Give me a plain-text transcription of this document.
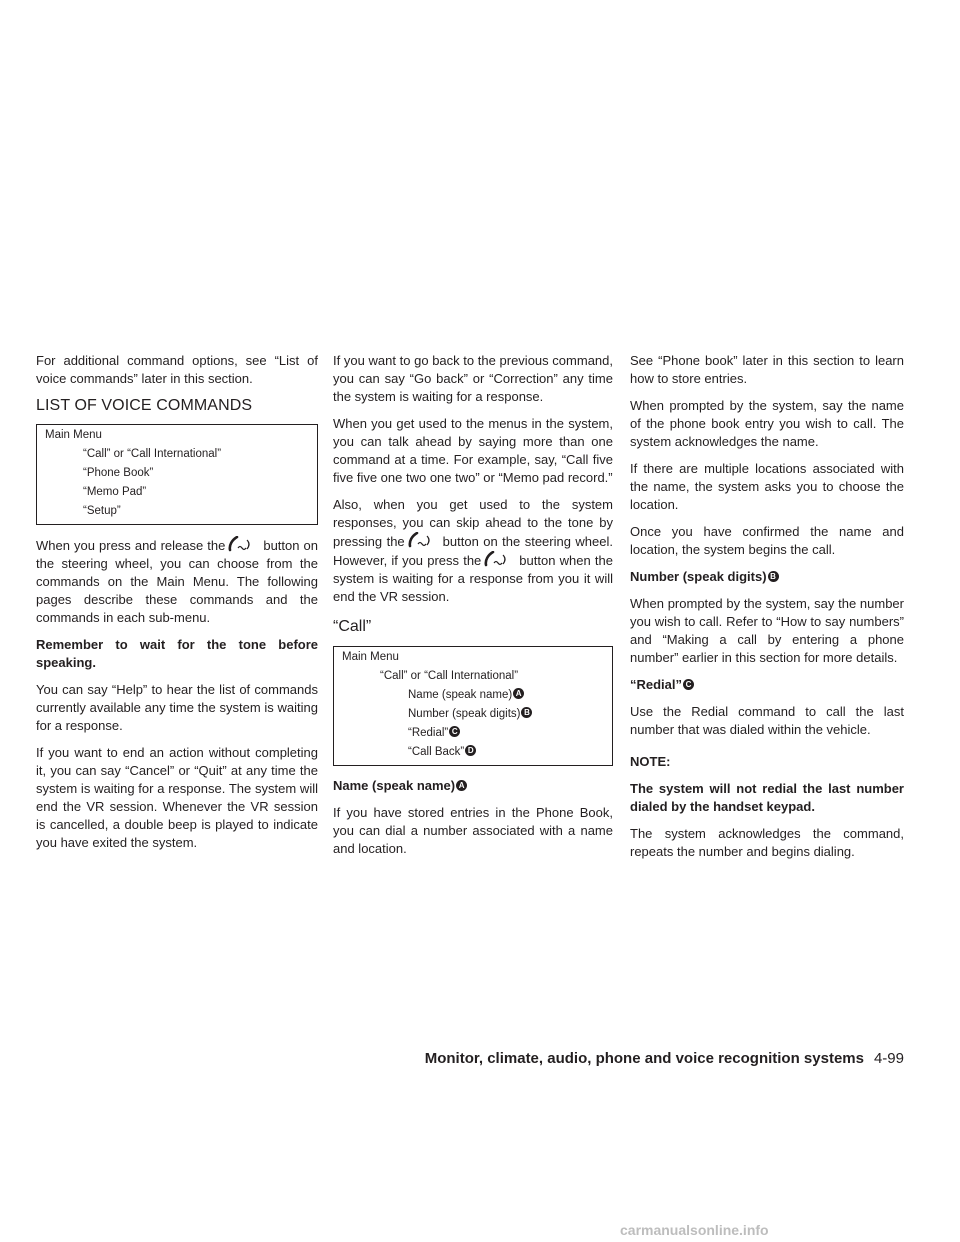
For additional command options, see “List of voice commands” later in this section.

LIST OF VOICE COMMANDS
Main Menu
“Call” or “Call International”
“Phone Book”
“Memo Pad”
“Setup”

When you press and release the	button on the steering wheel, you can choose from the commands on the Main Menu. The following pages describe these commands and the commands in each sub-menu.

Remember to wait for the tone before speaking.

You can say “Help” to hear the list of commands currently available any time the system is waiting for a response.

If you want to end an action without completing it, you can say “Cancel” or “Quit” at any time the system is waiting for a response. The system will end the VR session. Whenever the VR session is cancelled, a double beep is played to indicate you have exited the system.

If you want to go back to the previous command, you can say “Go back” or “Correction” any time the system is waiting for a response.

When you get used to the menus in the system, you can talk ahead by saying more than one command at a time. For example, say, “Call five five five one two one two” or “Memo pad record.”

Also, when you get used to the system responses, you can skip ahead to the tone by pressing the	button on the steering wheel. However, if you press the	button when the system is waiting for a response from you it will end the VR session.

“Call”
Main Menu
“Call” or “Call International”
Name (speak name) A
Number (speak digits) B
“Redial” C
“Call Back” D

Name (speak name) A

If you have stored entries in the Phone Book, you can dial a number associated with a name and location.

See “Phone book” later in this section to learn how to store entries.

When prompted by the system, say the name of the phone book entry you wish to call. The system acknowledges the name.

If there are multiple locations associated with the name, the system asks you to choose the location.

Once you have confirmed the name and location, the system begins the call.

Number (speak digits) B

When prompted by the system, say the number you wish to call. Refer to “How to say numbers” and “Making a call by entering a phone number” earlier in this section for more details.

“Redial” C

Use the Redial command to call the last number that was dialed within the vehicle.

NOTE:

The system will not redial the last number dialed by the handset keypad.

The system acknowledges the command, repeats the number and begins dialing.

Monitor, climate, audio, phone and voice recognition systems 4-99
carmanualsonline.info
